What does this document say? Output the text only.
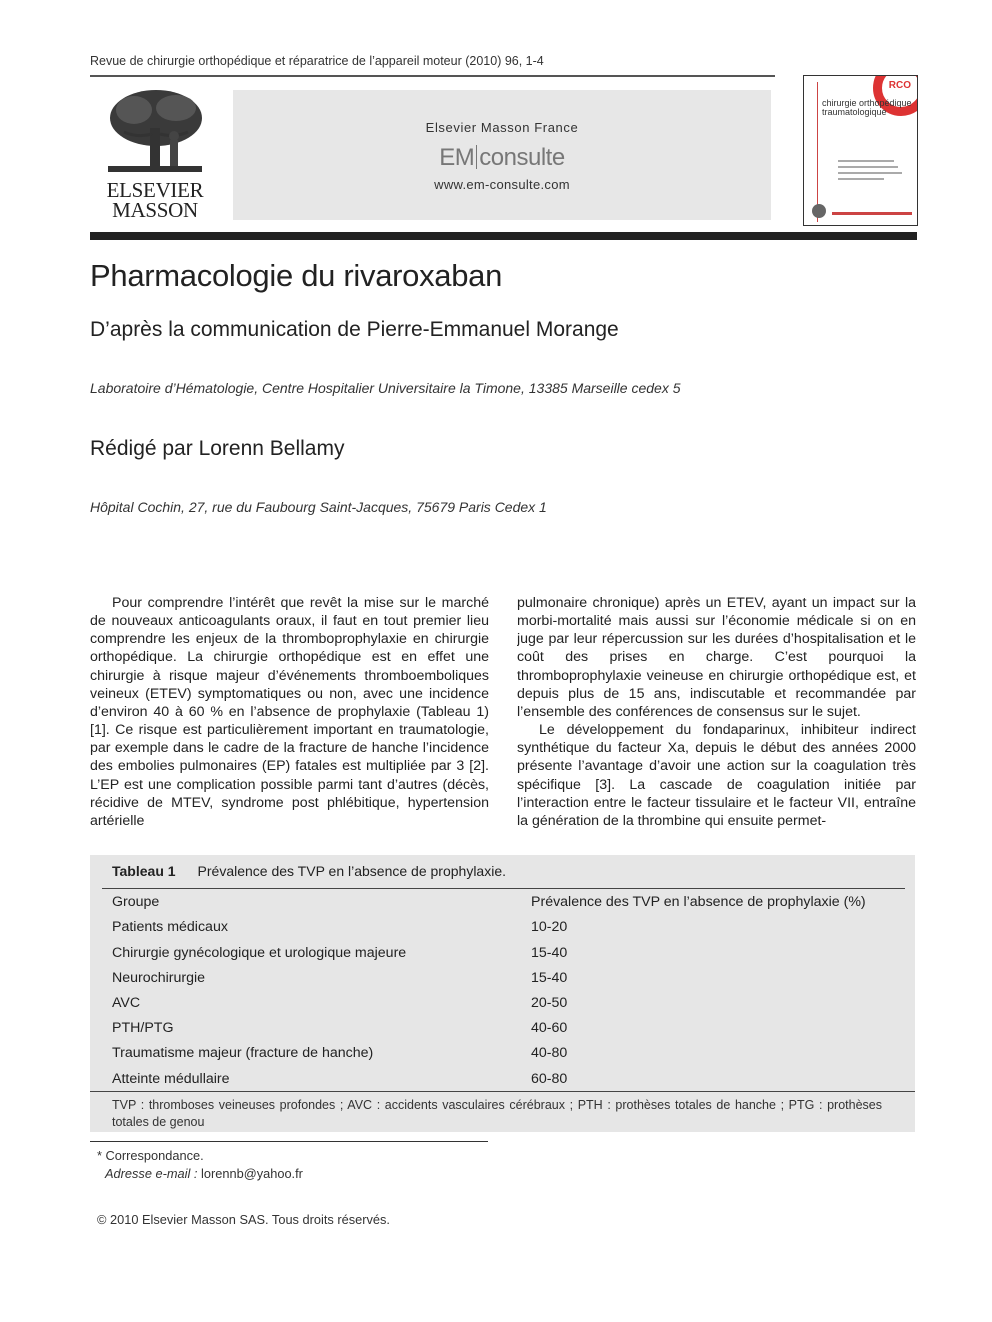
Revue de chirurgie orthopédique et réparatrice de l’appareil moteur (2010) 96, 1-4
ELSEVIER
MASSON
Elsevier Masson France
EM consulte
www.em-consulte.com
RCO
chirurgie orthopédique
traumatologique
Pharmacologie du rivaroxaban
D’après la communication de Pierre-Emmanuel Morange
Laboratoire d’Hématologie, Centre Hospitalier Universitaire la Timone, 13385 Marseille cedex 5
Rédigé par Lorenn Bellamy
Hôpital Cochin, 27, rue du Faubourg Saint-Jacques, 75679 Paris Cedex 1

Pour comprendre l’intérêt que revêt la mise sur le marché de nouveaux anticoagulants oraux, il faut en tout premier lieu comprendre les enjeux de la thromboprophylaxie en chirurgie orthopédique. La chirurgie orthopédique est en effet une chirurgie à risque majeur d’événements thromboemboliques veineux (ETEV) symptomatiques ou non, avec une incidence d’environ 40 à 60 % en l’absence de prophylaxie (Tableau 1) [1]. Ce risque est particulièrement important en traumatologie, par exemple dans le cadre de la fracture de hanche l’incidence des embolies pulmonaires (EP) fatales est multipliée par 3 [2]. L’EP est une complication possible parmi tant d’autres (décès, récidive de MTEV, syndrome post phlébitique, hypertension artérielle

pulmonaire chronique) après un ETEV, ayant un impact sur la morbi-mortalité mais aussi sur l’économie médicale si on en juge par leur répercussion sur les durées d’hospitalisation et le coût des prises en charge. C’est pourquoi la thromboprophylaxie veineuse en chirurgie orthopédique est, et depuis plus de 15 ans, indiscutable et recommandée par l’ensemble des conférences de consensus sur le sujet.

Le développement du fondaparinux, inhibiteur indirect synthétique du facteur Xa, depuis le début des années 2000 présente l’avantage d’avoir une action sur la coagulation très spécifique [3]. La cascade de coagulation initiée par l’interaction entre le facteur tissulaire et le facteur VII, entraîne la génération de la thrombine qui ensuite permet-

Tableau 1 Prévalence des TVP en l’absence de prophylaxie.
Groupe	Prévalence des TVP en l’absence de prophylaxie (%)
Patients médicaux	10-20
Chirurgie gynécologique et urologique majeure	15-40
Neurochirurgie	15-40
AVC	20-50
PTH/PTG	40-60
Traumatisme majeur (fracture de hanche)	40-80
Atteinte médullaire	60-80
TVP : thromboses veineuses profondes ; AVC : accidents vasculaires cérébraux ; PTH : prothèses totales de hanche ; PTG : prothèses totales de genou
* Correspondance.
Adresse e-mail : lorennb@yahoo.fr
© 2010 Elsevier Masson SAS. Tous droits réservés.
